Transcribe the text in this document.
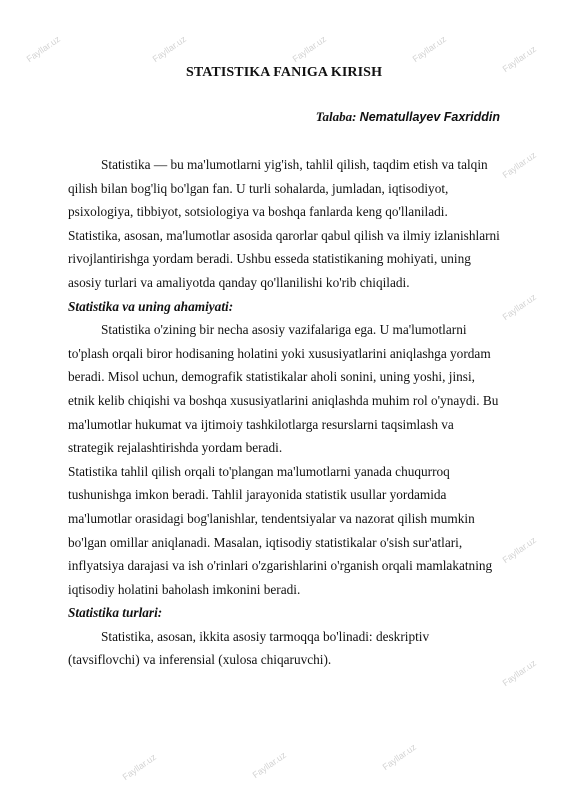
Fayllar.uz	Fayllar.uz	Fayllar.uz	Fayllar.uz	Fayllar.uz
Fayllar.uz
Fayllar.uz
Fayllar.uz
Fayllar.uz
Fayllar.uz
Fayllar.uz
Fayllar.uz
STATISTIKA FANIGA KIRISH
Talaba: Nematullayev Faxriddin

Statistika — bu ma'lumotlarni yig'ish, tahlil qilish, taqdim etish va talqin qilish bilan bog'liq bo'lgan fan. U turli sohalarda, jumladan, iqtisodiyot, psixologiya, tibbiyot, sotsiologiya va boshqa fanlarda keng qo'llaniladi. Statistika, asosan, ma'lumotlar asosida qarorlar qabul qilish va ilmiy izlanishlarni rivojlantirishga yordam beradi. Ushbu esseda statistikaning mohiyati, uning asosiy turlari va amaliyotda qanday qo'llanilishi ko'rib chiqiladi.

Statistika va uning ahamiyati:

Statistika o'zining bir necha asosiy vazifalariga ega. U ma'lumotlarni to'plash orqali biror hodisaning holatini yoki xususiyatlarini aniqlashga yordam beradi. Misol uchun, demografik statistikalar aholi sonini, uning yoshi, jinsi, etnik kelib chiqishi va boshqa xususiyatlarini aniqlashda muhim rol o'ynaydi. Bu ma'lumotlar hukumat va ijtimoiy tashkilotlarga resurslarni taqsimlash va strategik rejalashtirishda yordam beradi.

Statistika tahlil qilish orqali to'plangan ma'lumotlarni yanada chuqurroq tushunishga imkon beradi. Tahlil jarayonida statistik usullar yordamida ma'lumotlar orasidagi bog'lanishlar, tendentsiyalar va nazorat qilish mumkin bo'lgan omillar aniqlanadi. Masalan, iqtisodiy statistikalar o'sish sur'atlari, inflyatsiya darajasi va ish o'rinlari o'zgarishlarini o'rganish orqali mamlakatning iqtisodiy holatini baholash imkonini beradi.

Statistika turlari:

Statistika, asosan, ikkita asosiy tarmoqqa bo'linadi: deskriptiv (tavsiflovchi) va inferensial (xulosa chiqaruvchi).
